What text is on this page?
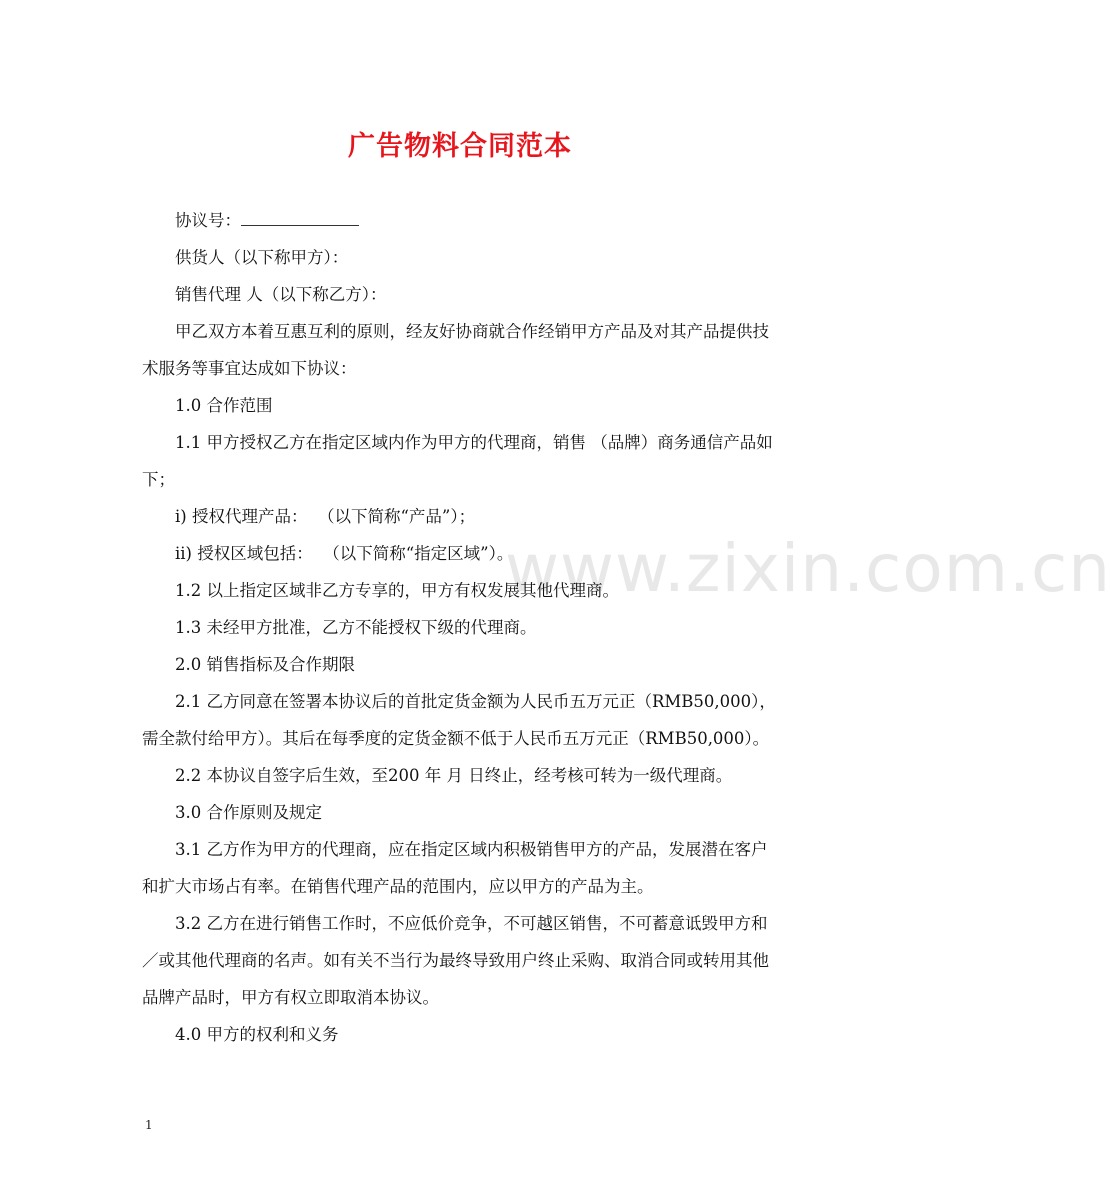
广告物料合同范本
www.zixin.com.cn

协议号：

供货人（以下称甲方）：

销售代理 人（以下称乙方）：

甲乙双方本着互惠互利的原则，经友好协商就合作经销甲方产品及对其产品提供技术服务等事宜达成如下协议：

1.0 合作范围

1.1 甲方授权乙方在指定区域内作为甲方的代理商，销售 （品牌）商务通信产品如下；

i) 授权代理产品：  （以下简称“产品”）；

ii) 授权区域包括：  （以下简称“指定区域”）。

1.2 以上指定区域非乙方专享的，甲方有权发展其他代理商。

1.3 未经甲方批准，乙方不能授权下级的代理商。

2.0 销售指标及合作期限

2.1 乙方同意在签署本协议后的首批定货金额为人民币五万元正（RMB50,000），需全款付给甲方）。其后在每季度的定货金额不低于人民币五万元正（RMB50,000）。

2.2 本协议自签字后生效，至200 年 月 日终止，经考核可转为一级代理商。

3.0 合作原则及规定

3.1 乙方作为甲方的代理商，应在指定区域内积极销售甲方的产品，发展潜在客户和扩大市场占有率。在销售代理产品的范围内，应以甲方的产品为主。

3.2 乙方在进行销售工作时，不应低价竞争，不可越区销售，不可蓄意诋毁甲方和／或其他代理商的名声。如有关不当行为最终导致用户终止采购、取消合同或转用其他品牌产品时，甲方有权立即取消本协议。

4.0 甲方的权利和义务

1
